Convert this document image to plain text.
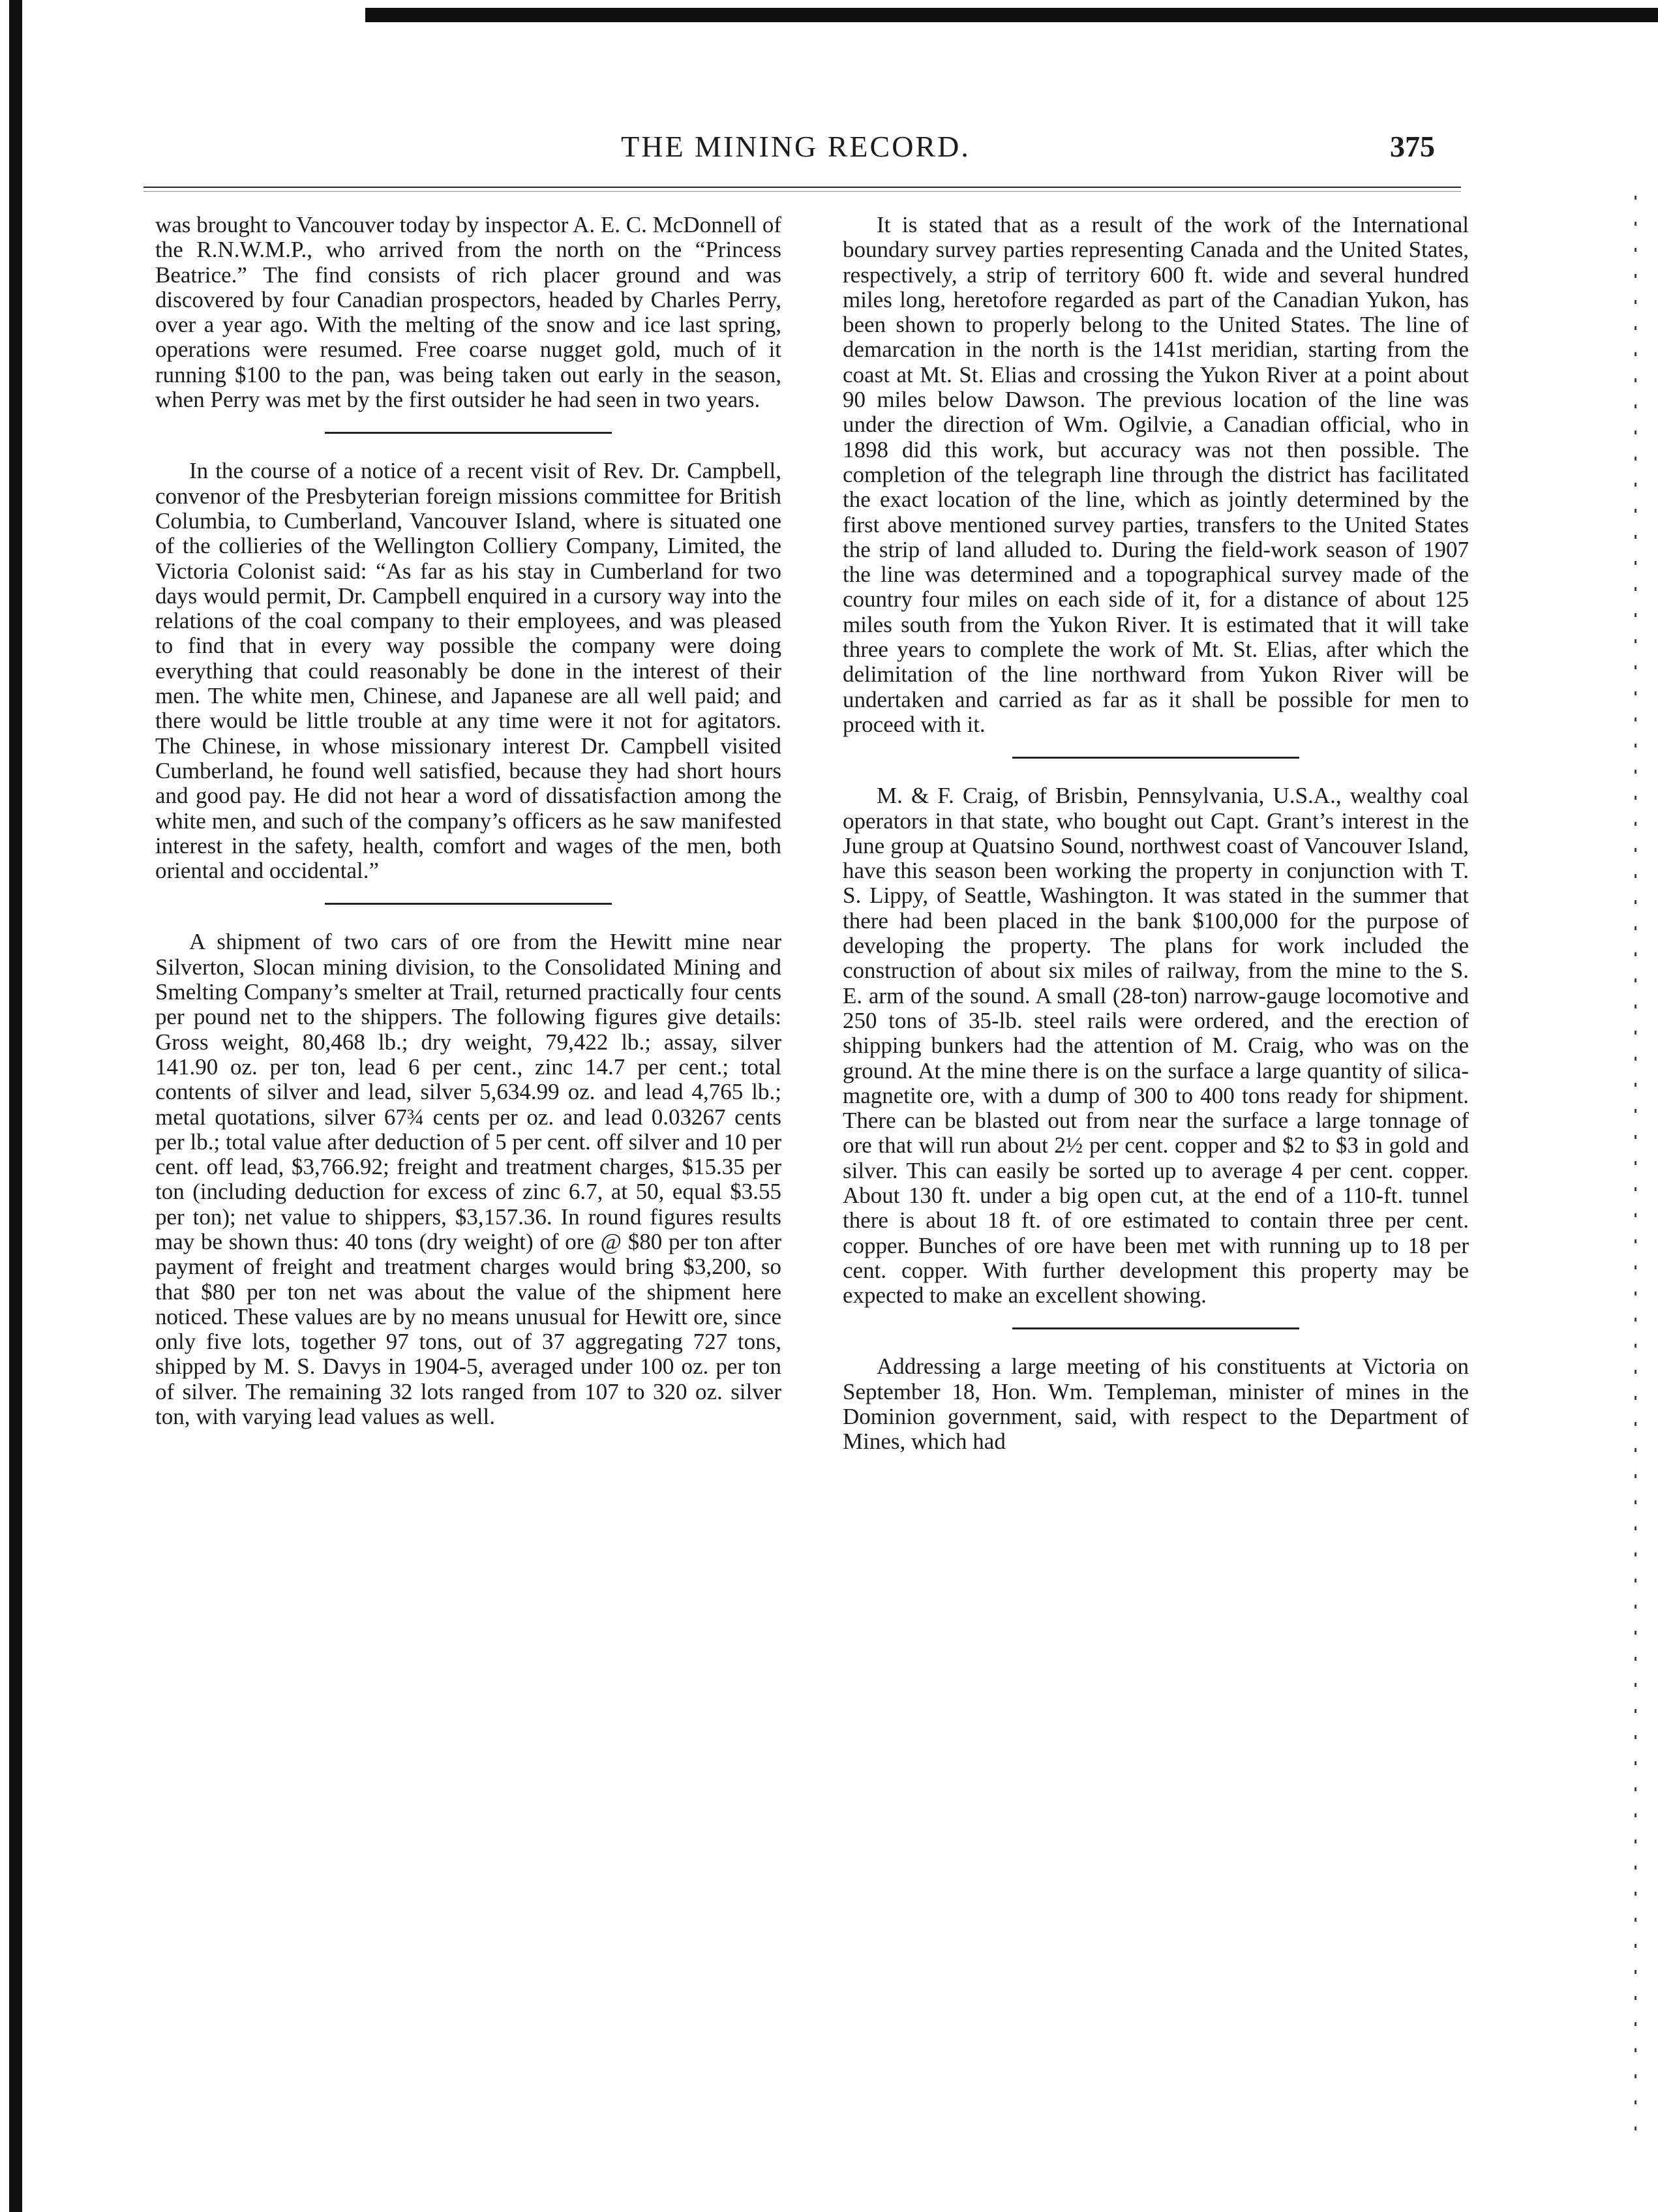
THE MINING RECORD.	375

was brought to Vancouver today by inspector A. E. C. McDonnell of the R.N.W.M.P., who arrived from the north on the “Princess Beatrice.” The find consists of rich placer ground and was discovered by four Canadian prospectors, headed by Charles Perry, over a year ago. With the melting of the snow and ice last spring, operations were resumed. Free coarse nugget gold, much of it running $100 to the pan, was being taken out early in the season, when Perry was met by the first outsider he had seen in two years.

In the course of a notice of a recent visit of Rev. Dr. Campbell, convenor of the Presbyterian foreign missions committee for British Columbia, to Cumberland, Vancouver Island, where is situated one of the collieries of the Wellington Colliery Company, Limited, the Victoria Colonist said: “As far as his stay in Cumberland for two days would permit, Dr. Campbell enquired in a cursory way into the relations of the coal company to their employees, and was pleased to find that in every way possible the company were doing everything that could reasonably be done in the interest of their men. The white men, Chinese, and Japanese are all well paid; and there would be little trouble at any time were it not for agitators. The Chinese, in whose missionary interest Dr. Campbell visited Cumberland, he found well satisfied, because they had short hours and good pay. He did not hear a word of dissatisfaction among the white men, and such of the company’s officers as he saw manifested interest in the safety, health, comfort and wages of the men, both oriental and occidental.”

A shipment of two cars of ore from the Hewitt mine near Silverton, Slocan mining division, to the Consolidated Mining and Smelting Company’s smelter at Trail, returned practically four cents per pound net to the shippers. The following figures give details: Gross weight, 80,468 lb.; dry weight, 79,422 lb.; assay, silver 141.90 oz. per ton, lead 6 per cent., zinc 14.7 per cent.; total contents of silver and lead, silver 5,634.99 oz. and lead 4,765 lb.; metal quotations, silver 67¾ cents per oz. and lead 0.03267 cents per lb.; total value after deduction of 5 per cent. off silver and 10 per cent. off lead, $3,766.92; freight and treatment charges, $15.35 per ton (including deduction for excess of zinc 6.7, at 50, equal $3.55 per ton); net value to shippers, $3,157.36. In round figures results may be shown thus: 40 tons (dry weight) of ore @ $80 per ton after payment of freight and treatment charges would bring $3,200, so that $80 per ton net was about the value of the shipment here noticed. These values are by no means unusual for Hewitt ore, since only five lots, together 97 tons, out of 37 aggregating 727 tons, shipped by M. S. Davys in 1904-5, averaged under 100 oz. per ton of silver. The remaining 32 lots ranged from 107 to 320 oz. silver ton, with varying lead values as well.

It is stated that as a result of the work of the International boundary survey parties representing Canada and the United States, respectively, a strip of territory 600 ft. wide and several hundred miles long, heretofore regarded as part of the Canadian Yukon, has been shown to properly belong to the United States. The line of demarcation in the north is the 141st meridian, starting from the coast at Mt. St. Elias and crossing the Yukon River at a point about 90 miles below Dawson. The previous location of the line was under the direction of Wm. Ogilvie, a Canadian official, who in 1898 did this work, but accuracy was not then possible. The completion of the telegraph line through the district has facilitated the exact location of the line, which as jointly determined by the first above mentioned survey parties, transfers to the United States the strip of land alluded to. During the field-work season of 1907 the line was determined and a topographical survey made of the country four miles on each side of it, for a distance of about 125 miles south from the Yukon River. It is estimated that it will take three years to complete the work of Mt. St. Elias, after which the delimitation of the line northward from Yukon River will be undertaken and carried as far as it shall be possible for men to proceed with it.

M. & F. Craig, of Brisbin, Pennsylvania, U.S.A., wealthy coal operators in that state, who bought out Capt. Grant’s interest in the June group at Quatsino Sound, northwest coast of Vancouver Island, have this season been working the property in conjunction with T. S. Lippy, of Seattle, Washington. It was stated in the summer that there had been placed in the bank $100,000 for the purpose of developing the property. The plans for work included the construction of about six miles of railway, from the mine to the S. E. arm of the sound. A small (28-ton) narrow-gauge locomotive and 250 tons of 35-lb. steel rails were ordered, and the erection of shipping bunkers had the attention of M. Craig, who was on the ground. At the mine there is on the surface a large quantity of silica-magnetite ore, with a dump of 300 to 400 tons ready for shipment. There can be blasted out from near the surface a large tonnage of ore that will run about 2½ per cent. copper and $2 to $3 in gold and silver. This can easily be sorted up to average 4 per cent. copper. About 130 ft. under a big open cut, at the end of a 110-ft. tunnel there is about 18 ft. of ore estimated to contain three per cent. copper. Bunches of ore have been met with running up to 18 per cent. copper. With further development this property may be expected to make an excellent showing.

Addressing a large meeting of his constituents at Victoria on September 18, Hon. Wm. Templeman, minister of mines in the Dominion government, said, with respect to the Department of Mines, which had
